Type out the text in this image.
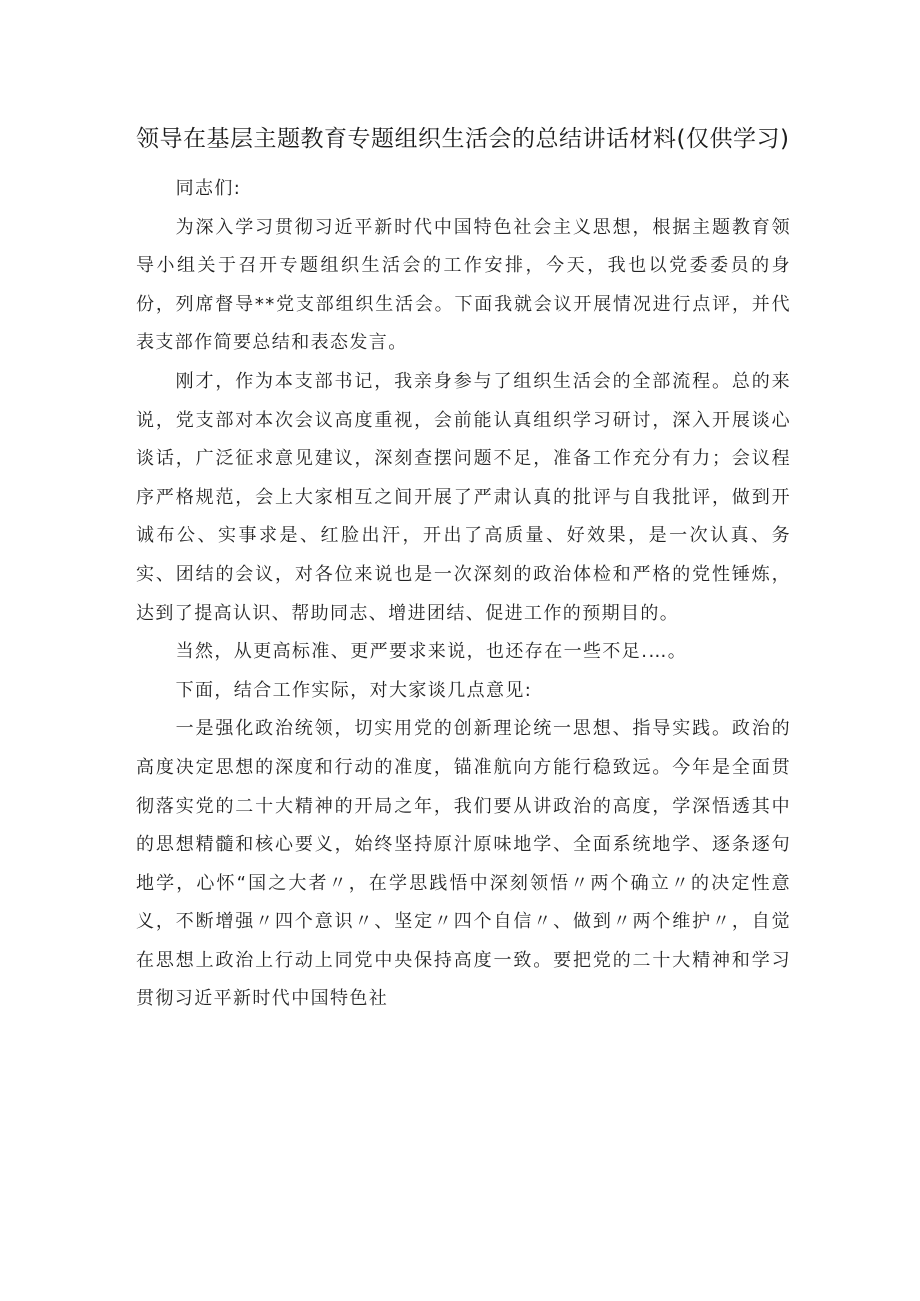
领导在基层主题教育专题组织生活会的总结讲话材料(仅供学习)

同志们:

为深入学习贯彻习近平新时代中国特色社会主义思想，根据主题教育领导小组关于召开专题组织生活会的工作安排，今天，我也以党委委员的身份，列席督导**党支部组织生活会。下面我就会议开展情况进行点评，并代表支部作简要总结和表态发言。

刚才，作为本支部书记，我亲身参与了组织生活会的全部流程。总的来说，党支部对本次会议高度重视，会前能认真组织学习研讨，深入开展谈心谈话，广泛征求意见建议，深刻查摆问题不足，准备工作充分有力；会议程序严格规范，会上大家相互之间开展了严肃认真的批评与自我批评，做到开诚布公、实事求是、红脸出汗，开出了高质量、好效果，是一次认真、务实、团结的会议，对各位来说也是一次深刻的政治体检和严格的党性锤炼，达到了提高认识、帮助同志、增进团结、促进工作的预期目的。

当然，从更高标准、更严要求来说，也还存在一些不足.…。

下面，结合工作实际，对大家谈几点意见:

一是强化政治统领，切实用党的创新理论统一思想、指导实践。政治的高度决定思想的深度和行动的准度，锚准航向方能行稳致远。今年是全面贯彻落实党的二十大精神的开局之年，我们要从讲政治的高度，学深悟透其中的思想精髓和核心要义，始终坚持原汁原味地学、全面系统地学、逐条逐句地学，心怀“国之大者〃，在学思践悟中深刻领悟〃两个确立〃的决定性意义，不断增强〃四个意识〃、坚定〃四个自信〃、做到〃两个维护〃，自觉在思想上政治上行动上同党中央保持高度一致。要把党的二十大精神和学习贯彻习近平新时代中国特色社
